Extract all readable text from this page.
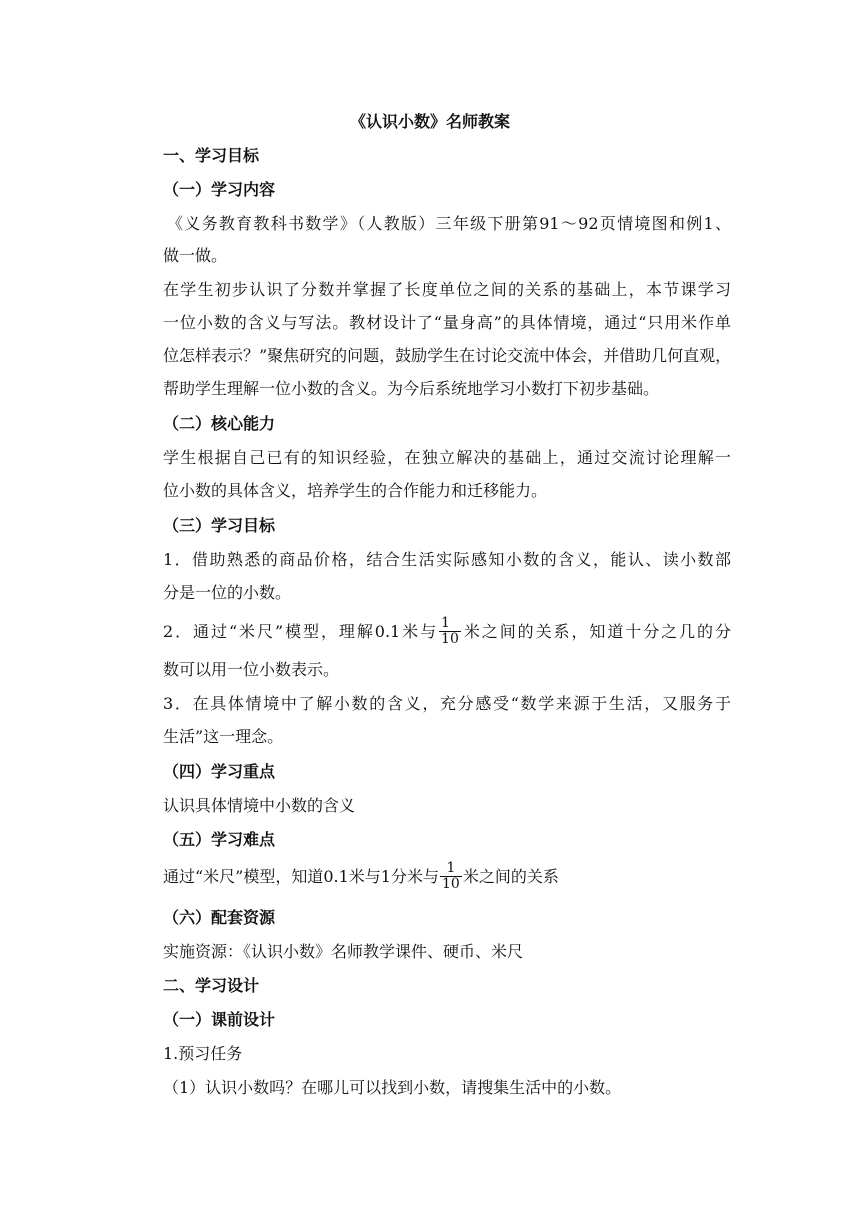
《认识小数》名师教案
一、学习目标
（一）学习内容
《义务教育教科书数学》（人教版）三年级下册第91～92页情境图和例1、
做一做。
在学生初步认识了分数并掌握了长度单位之间的关系的基础上，本节课学习
一位小数的含义与写法。教材设计了“量身高”的具体情境，通过“只用米作单
位怎样表示？”聚焦研究的问题，鼓励学生在讨论交流中体会，并借助几何直观，
帮助学生理解一位小数的含义。为今后系统地学习小数打下初步基础。
（二）核心能力
学生根据自己已有的知识经验，在独立解决的基础上，通过交流讨论理解一
位小数的具体含义，培养学生的合作能力和迁移能力。
（三）学习目标
1．借助熟悉的商品价格，结合生活实际感知小数的含义，能认、读小数部
分是一位的小数。
2．通过“米尺”模型，理解0.1米与 $\frac{1}{10}$ 米之间的关系，知道十分之几的分
数可以用一位小数表示。
3．在具体情境中了解小数的含义，充分感受“数学来源于生活，又服务于
生活”这一理念。
（四）学习重点
认识具体情境中小数的含义
（五）学习难点
通过“米尺”模型，知道0.1米与1分米与 $\frac{1}{10}$ 米之间的关系
（六）配套资源
实施资源：《认识小数》名师教学课件、硬币、米尺
二、学习设计
（一）课前设计
1.预习任务
（1）认识小数吗？在哪儿可以找到小数，请搜集生活中的小数。
